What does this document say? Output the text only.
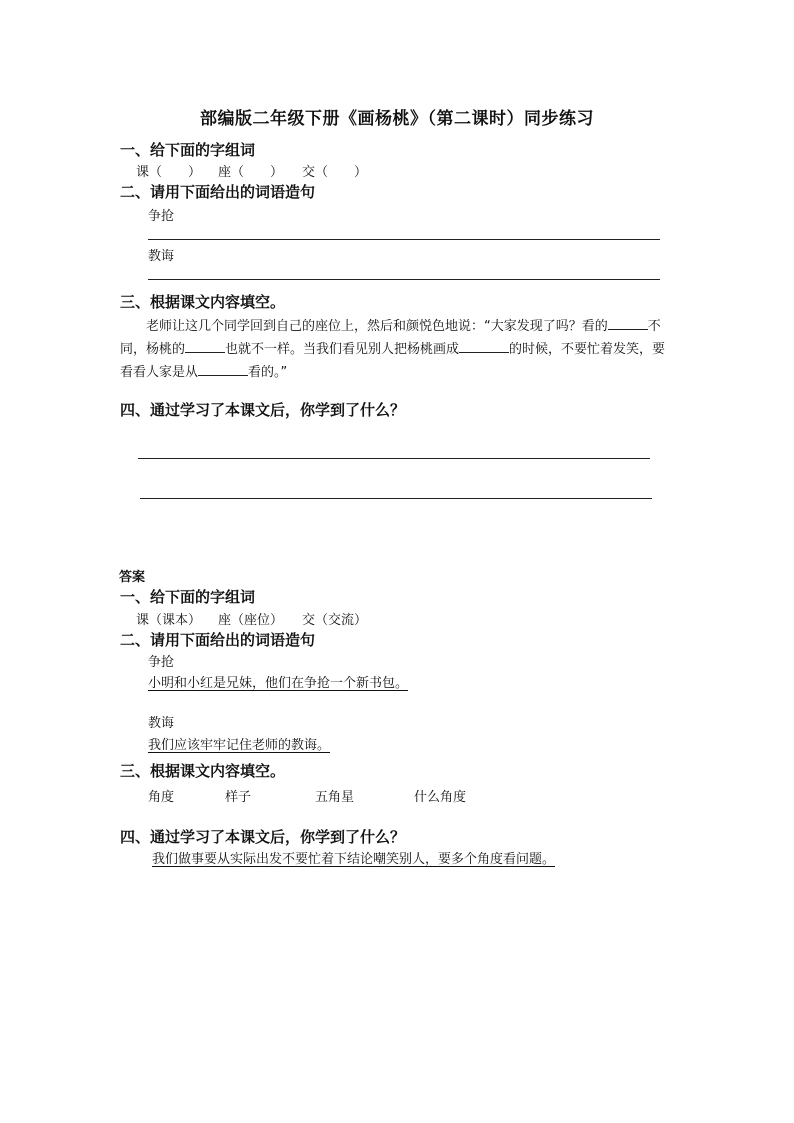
部编版二年级下册《画杨桃》（第二课时）同步练习
一、给下面的字组词
课（　　） 座（　　） 交（　　）
二、请用下面给出的词语造句
争抢
教诲
三、根据课文内容填空。
老师让这几个同学回到自己的座位上，然后和颜悦色地说：“大家发现了吗？看的	不同，杨桃的	也就不一样。当我们看见别人把杨桃画成	的时候，不要忙着发笑，要看看人家是从	看的。”
四、通过学习了本课文后，你学到了什么？
答案
一、给下面的字组词
课（课本） 座（座位） 交（交流）
二、请用下面给出的词语造句
争抢
小明和小红是兄妹，他们在争抢一个新书包。
教诲
我们应该牢牢记住老师的教诲。
三、根据课文内容填空。
角度	样子	五角星	什么角度
四、通过学习了本课文后，你学到了什么？
我们做事要从实际出发不要忙着下结论嘲笑别人，要多个角度看问题。
